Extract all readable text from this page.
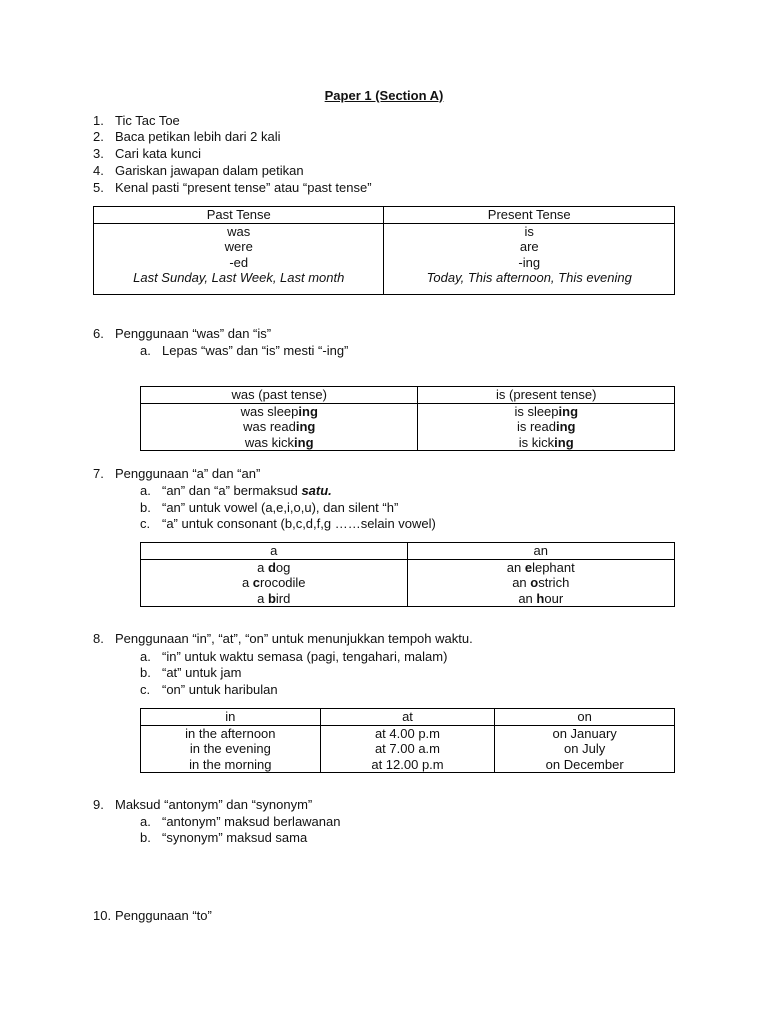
Paper 1 (Section A)
1. Tic Tac Toe
2. Baca petikan lebih dari 2 kali
3. Cari kata kunci
4. Gariskan jawapan dalam petikan
5. Kenal pasti “present tense” atau “past tense”
Past Tense	Present Tense
was	is
were	are
-ed	-ing
Last Sunday, Last Week, Last month	Today, This afternoon, This evening
6. Penggunaan “was” dan “is”
a. Lepas “was” dan “is” mesti “-ing”
was (past tense)	is (present tense)
was sleeping	is sleeping
was reading	is reading
was kicking	is kicking
7. Penggunaan “a” dan “an”
a. “an” dan “a” bermaksud satu.
b. “an” untuk vowel (a,e,i,o,u), dan silent “h”
c. “a” untuk consonant (b,c,d,f,g ……selain vowel)
a	an
a dog	an elephant
a crocodile	an ostrich
a bird	an hour
8. Penggunaan “in”, “at”, “on” untuk menunjukkan tempoh waktu.
a. “in” untuk waktu semasa (pagi, tengahari, malam)
b. “at” untuk jam
c. “on” untuk haribulan
in	at	on
in the afternoon	at 4.00 p.m	on January
in the evening	at 7.00 a.m	on July
in the morning	at 12.00 p.m	on December
9. Maksud “antonym” dan “synonym”
a. “antonym” maksud berlawanan
b. “synonym” maksud sama
10. Penggunaan “to”
